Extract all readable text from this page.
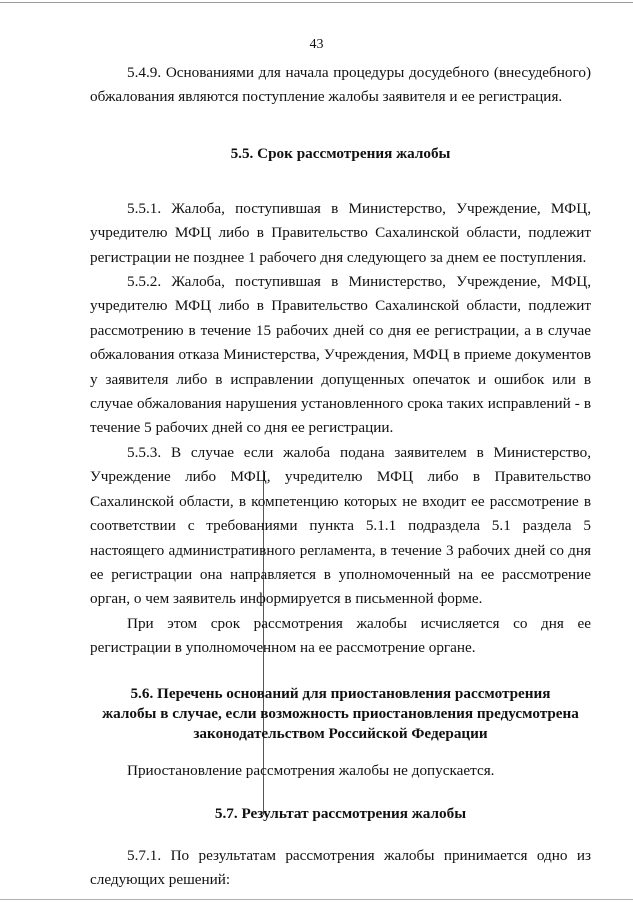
43

5.4.9. Основаниями для начала процедуры досудебного (внесудебного) обжалования являются поступление жалобы заявителя и ее регистрация.

5.5. Срок рассмотрения жалобы

5.5.1. Жалоба, поступившая в Министерство, Учреждение, МФЦ, учредителю МФЦ либо в Правительство Сахалинской области, подлежит регистрации не позднее 1 рабочего дня следующего за днем ее поступления.

5.5.2. Жалоба, поступившая в Министерство, Учреждение, МФЦ, учредителю МФЦ либо в Правительство Сахалинской области, подлежит рассмотрению в течение 15 рабочих дней со дня ее регистрации, а в случае обжалования отказа Министерства, Учреждения, МФЦ в приеме документов у заявителя либо в исправлении допущенных опечаток и ошибок или в случае обжалования нарушения установленного срока таких исправлений - в течение 5 рабочих дней со дня ее регистрации.

5.5.3. В случае если жалоба подана заявителем в Министерство, Учреждение либо МФЦ, учредителю МФЦ либо в Правительство Сахалинской области, в компетенцию которых не входит ее рассмотрение в соответствии с требованиями пункта 5.1.1 подраздела 5.1 раздела 5 настоящего административного регламента, в течение 3 рабочих дней со дня ее регистрации она направляется в уполномоченный на ее рассмотрение орган, о чем заявитель информируется в письменной форме.

При этом срок рассмотрения жалобы исчисляется со дня ее регистрации в уполномоченном на ее рассмотрение органе.

5.6. Перечень оснований для приостановления рассмотрения
жалобы в случае, если возможность приостановления предусмотрена
законодательством Российской Федерации

Приостановление рассмотрения жалобы не допускается.

5.7. Результат рассмотрения жалобы

5.7.1. По результатам рассмотрения жалобы принимается одно из следующих решений:
